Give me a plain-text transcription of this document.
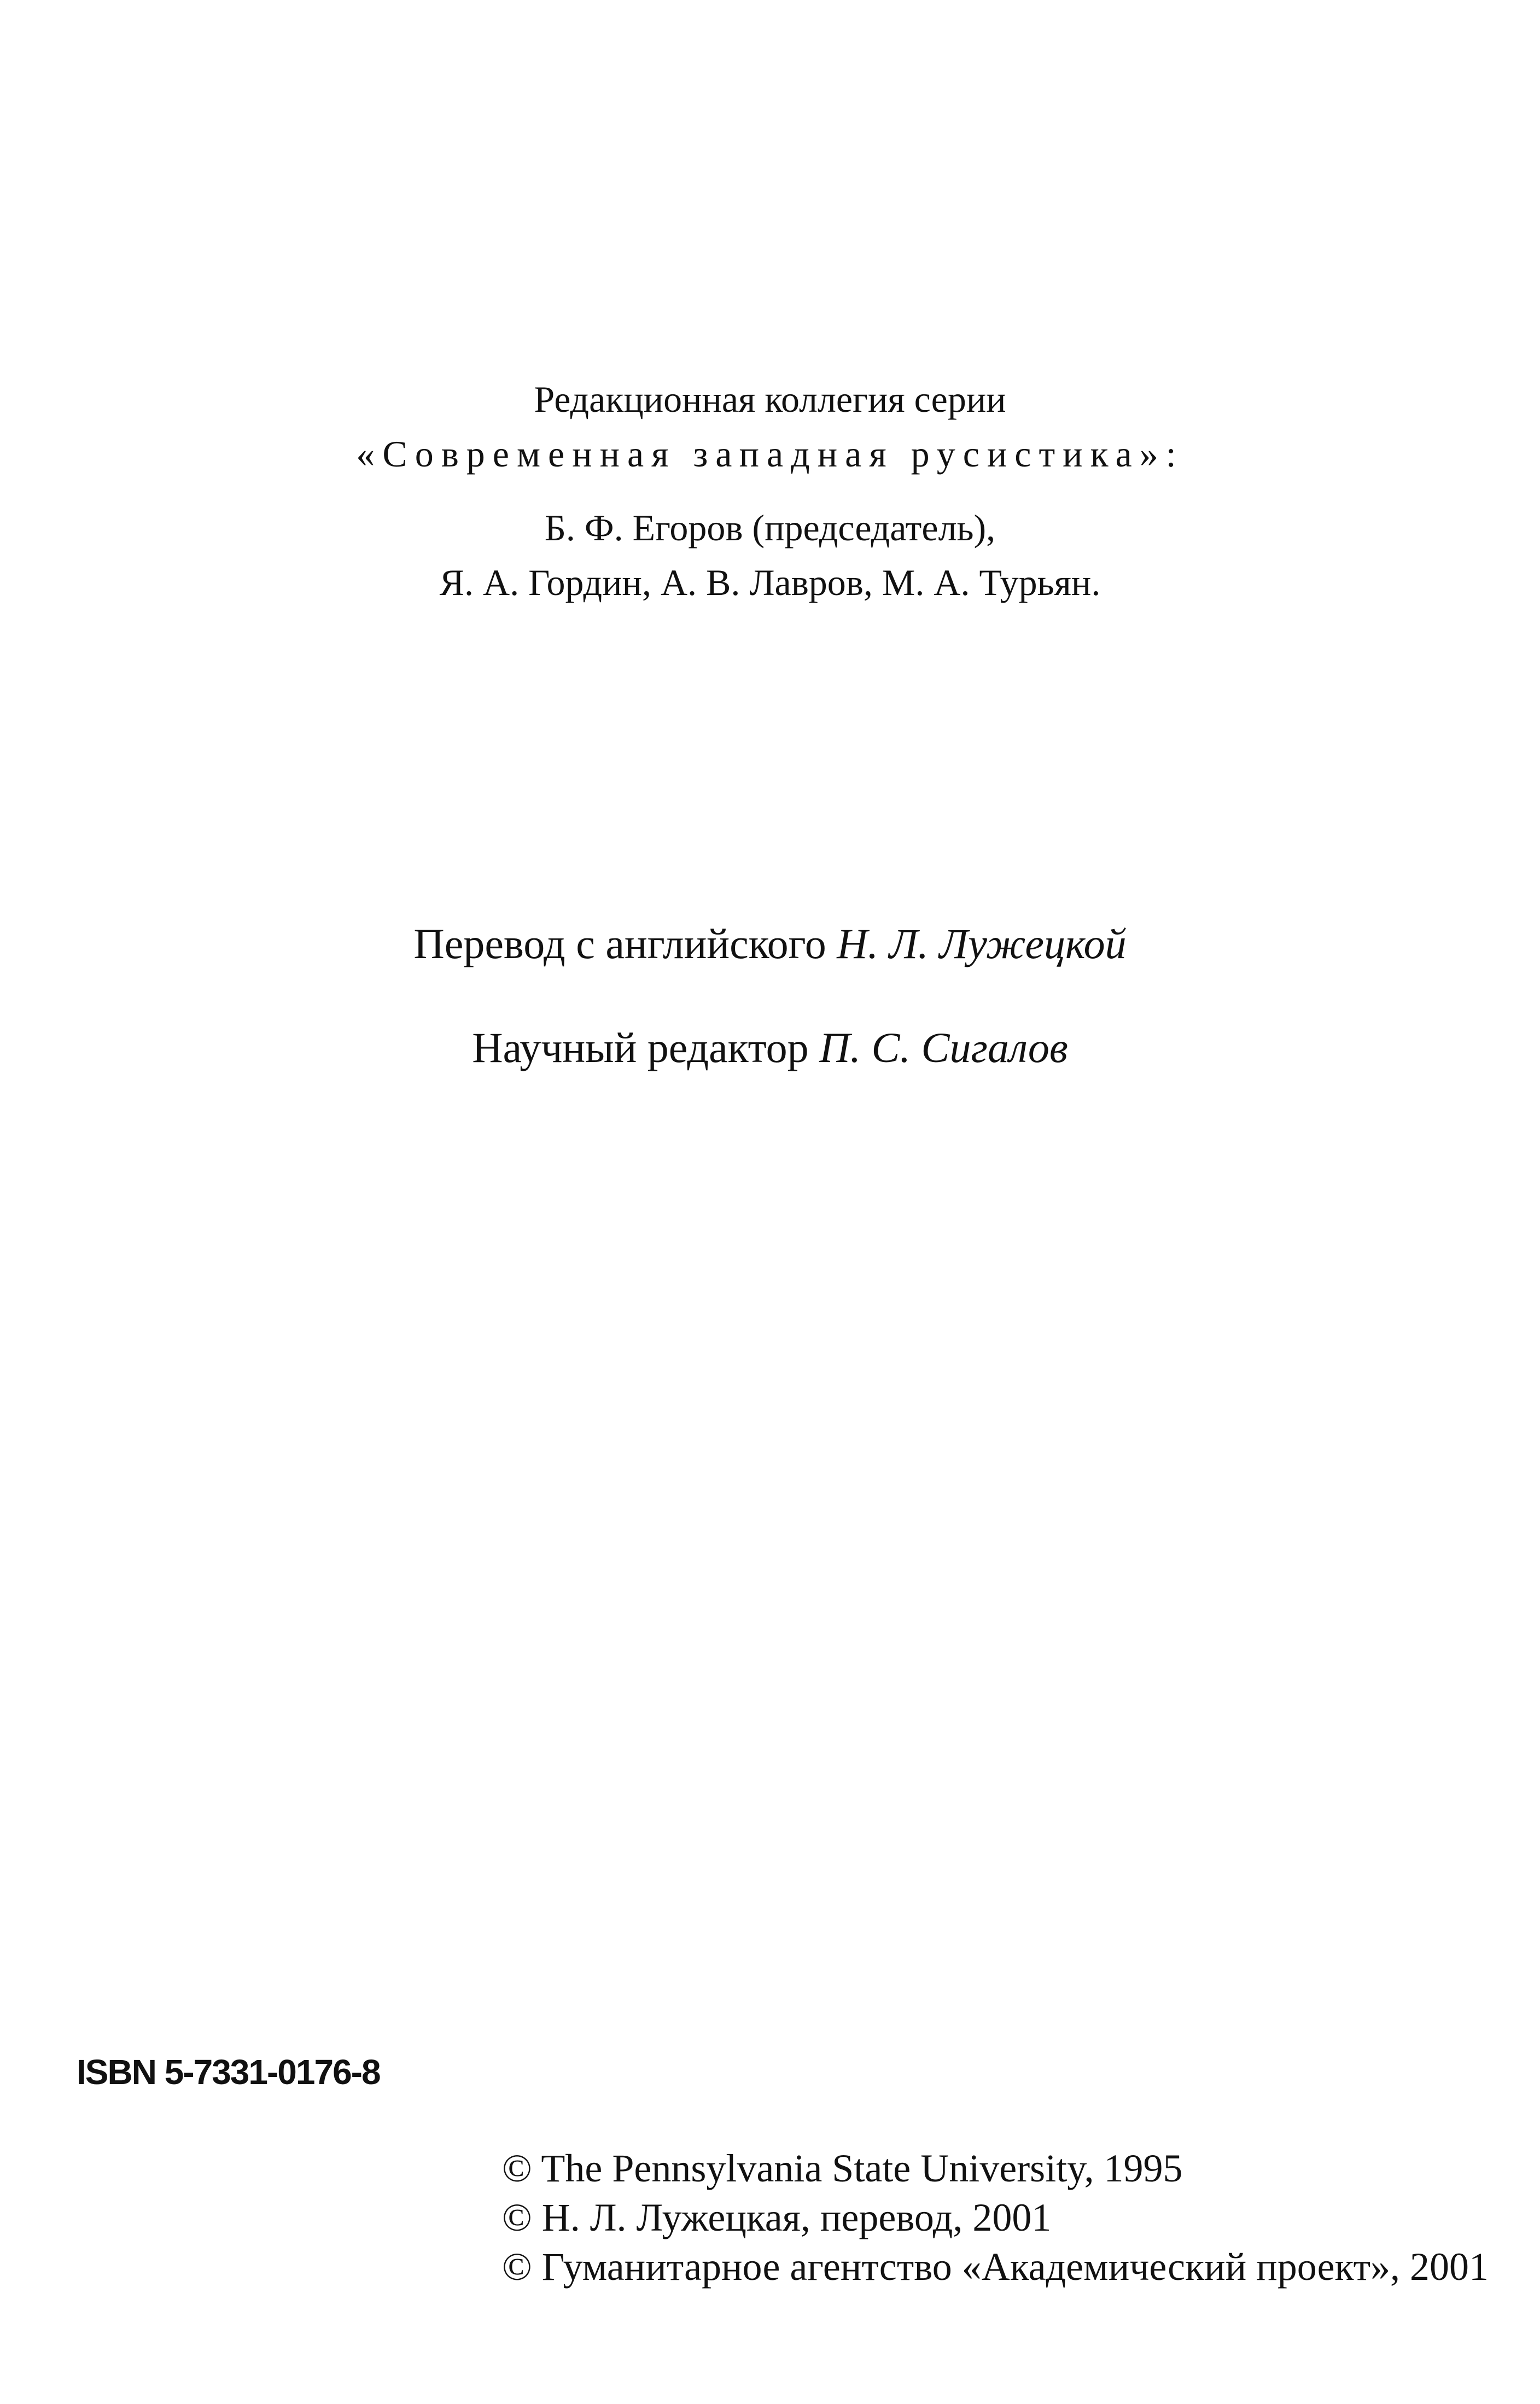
Редакционная коллегия серии
«Современная западная русистика»:
Б. Ф. Егоров (председатель),
Я. А. Гордин, А. В. Лавров, М. А. Турьян.
Перевод с английского Н. Л. Лужецкой
Научный редактор П. С. Сигалов
ISBN 5-7331-0176-8
© The Pennsylvania State University, 1995
© Н. Л. Лужецкая, перевод, 2001
© Гуманитарное агентство «Академический проект», 2001
